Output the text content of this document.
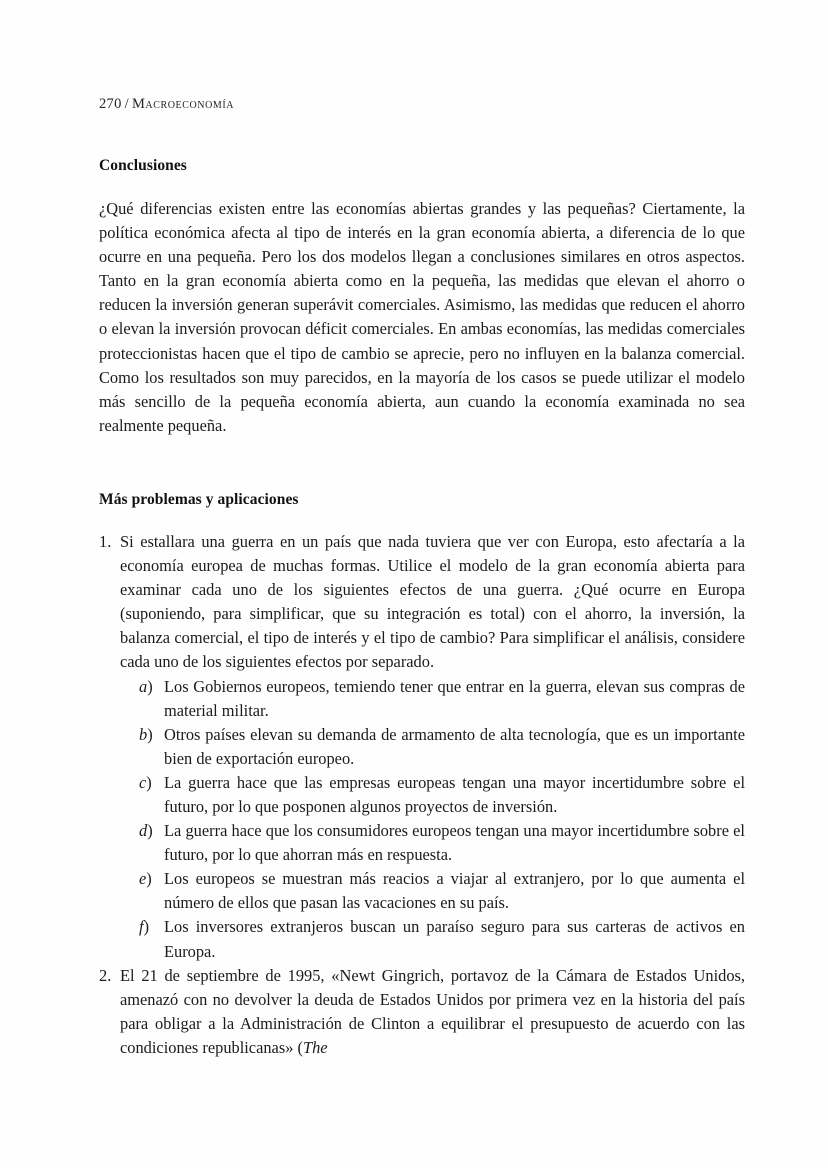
270 / Macroeconomía
Conclusiones

¿Qué diferencias existen entre las economías abiertas grandes y las pequeñas? Ciertamente, la política económica afecta al tipo de interés en la gran economía abierta, a diferencia de lo que ocurre en una pequeña. Pero los dos modelos llegan a conclusiones similares en otros aspectos. Tanto en la gran economía abierta como en la pequeña, las medidas que elevan el ahorro o reducen la inversión generan superávit comerciales. Asimismo, las medidas que reducen el ahorro o elevan la inversión provocan déficit comerciales. En ambas economías, las medidas comerciales proteccionistas hacen que el tipo de cambio se aprecie, pero no influyen en la balanza comercial. Como los resultados son muy parecidos, en la mayoría de los casos se puede utilizar el modelo más sencillo de la pequeña economía abierta, aun cuando la economía examinada no sea realmente pequeña.

Más problemas y aplicaciones
1. Si estallara una guerra en un país que nada tuviera que ver con Europa, esto afectaría a la economía europea de muchas formas. Utilice el modelo de la gran economía abierta para examinar cada uno de los siguientes efectos de una guerra. ¿Qué ocurre en Europa (suponiendo, para simplificar, que su integración es total) con el ahorro, la inversión, la balanza comercial, el tipo de interés y el tipo de cambio? Para simplificar el análisis, considere cada uno de los siguientes efectos por separado.
a) Los Gobiernos europeos, temiendo tener que entrar en la guerra, elevan sus compras de material militar.
b) Otros países elevan su demanda de armamento de alta tecnología, que es un importante bien de exportación europeo.
c) La guerra hace que las empresas europeas tengan una mayor incertidumbre sobre el futuro, por lo que posponen algunos proyectos de inversión.
d) La guerra hace que los consumidores europeos tengan una mayor incertidumbre sobre el futuro, por lo que ahorran más en respuesta.
e) Los europeos se muestran más reacios a viajar al extranjero, por lo que aumenta el número de ellos que pasan las vacaciones en su país.
f) Los inversores extranjeros buscan un paraíso seguro para sus carteras de activos en Europa.
2. El 21 de septiembre de 1995, «Newt Gingrich, portavoz de la Cámara de Estados Unidos, amenazó con no devolver la deuda de Estados Unidos por primera vez en la historia del país para obligar a la Administración de Clinton a equilibrar el presupuesto de acuerdo con las condiciones republicanas» (The
